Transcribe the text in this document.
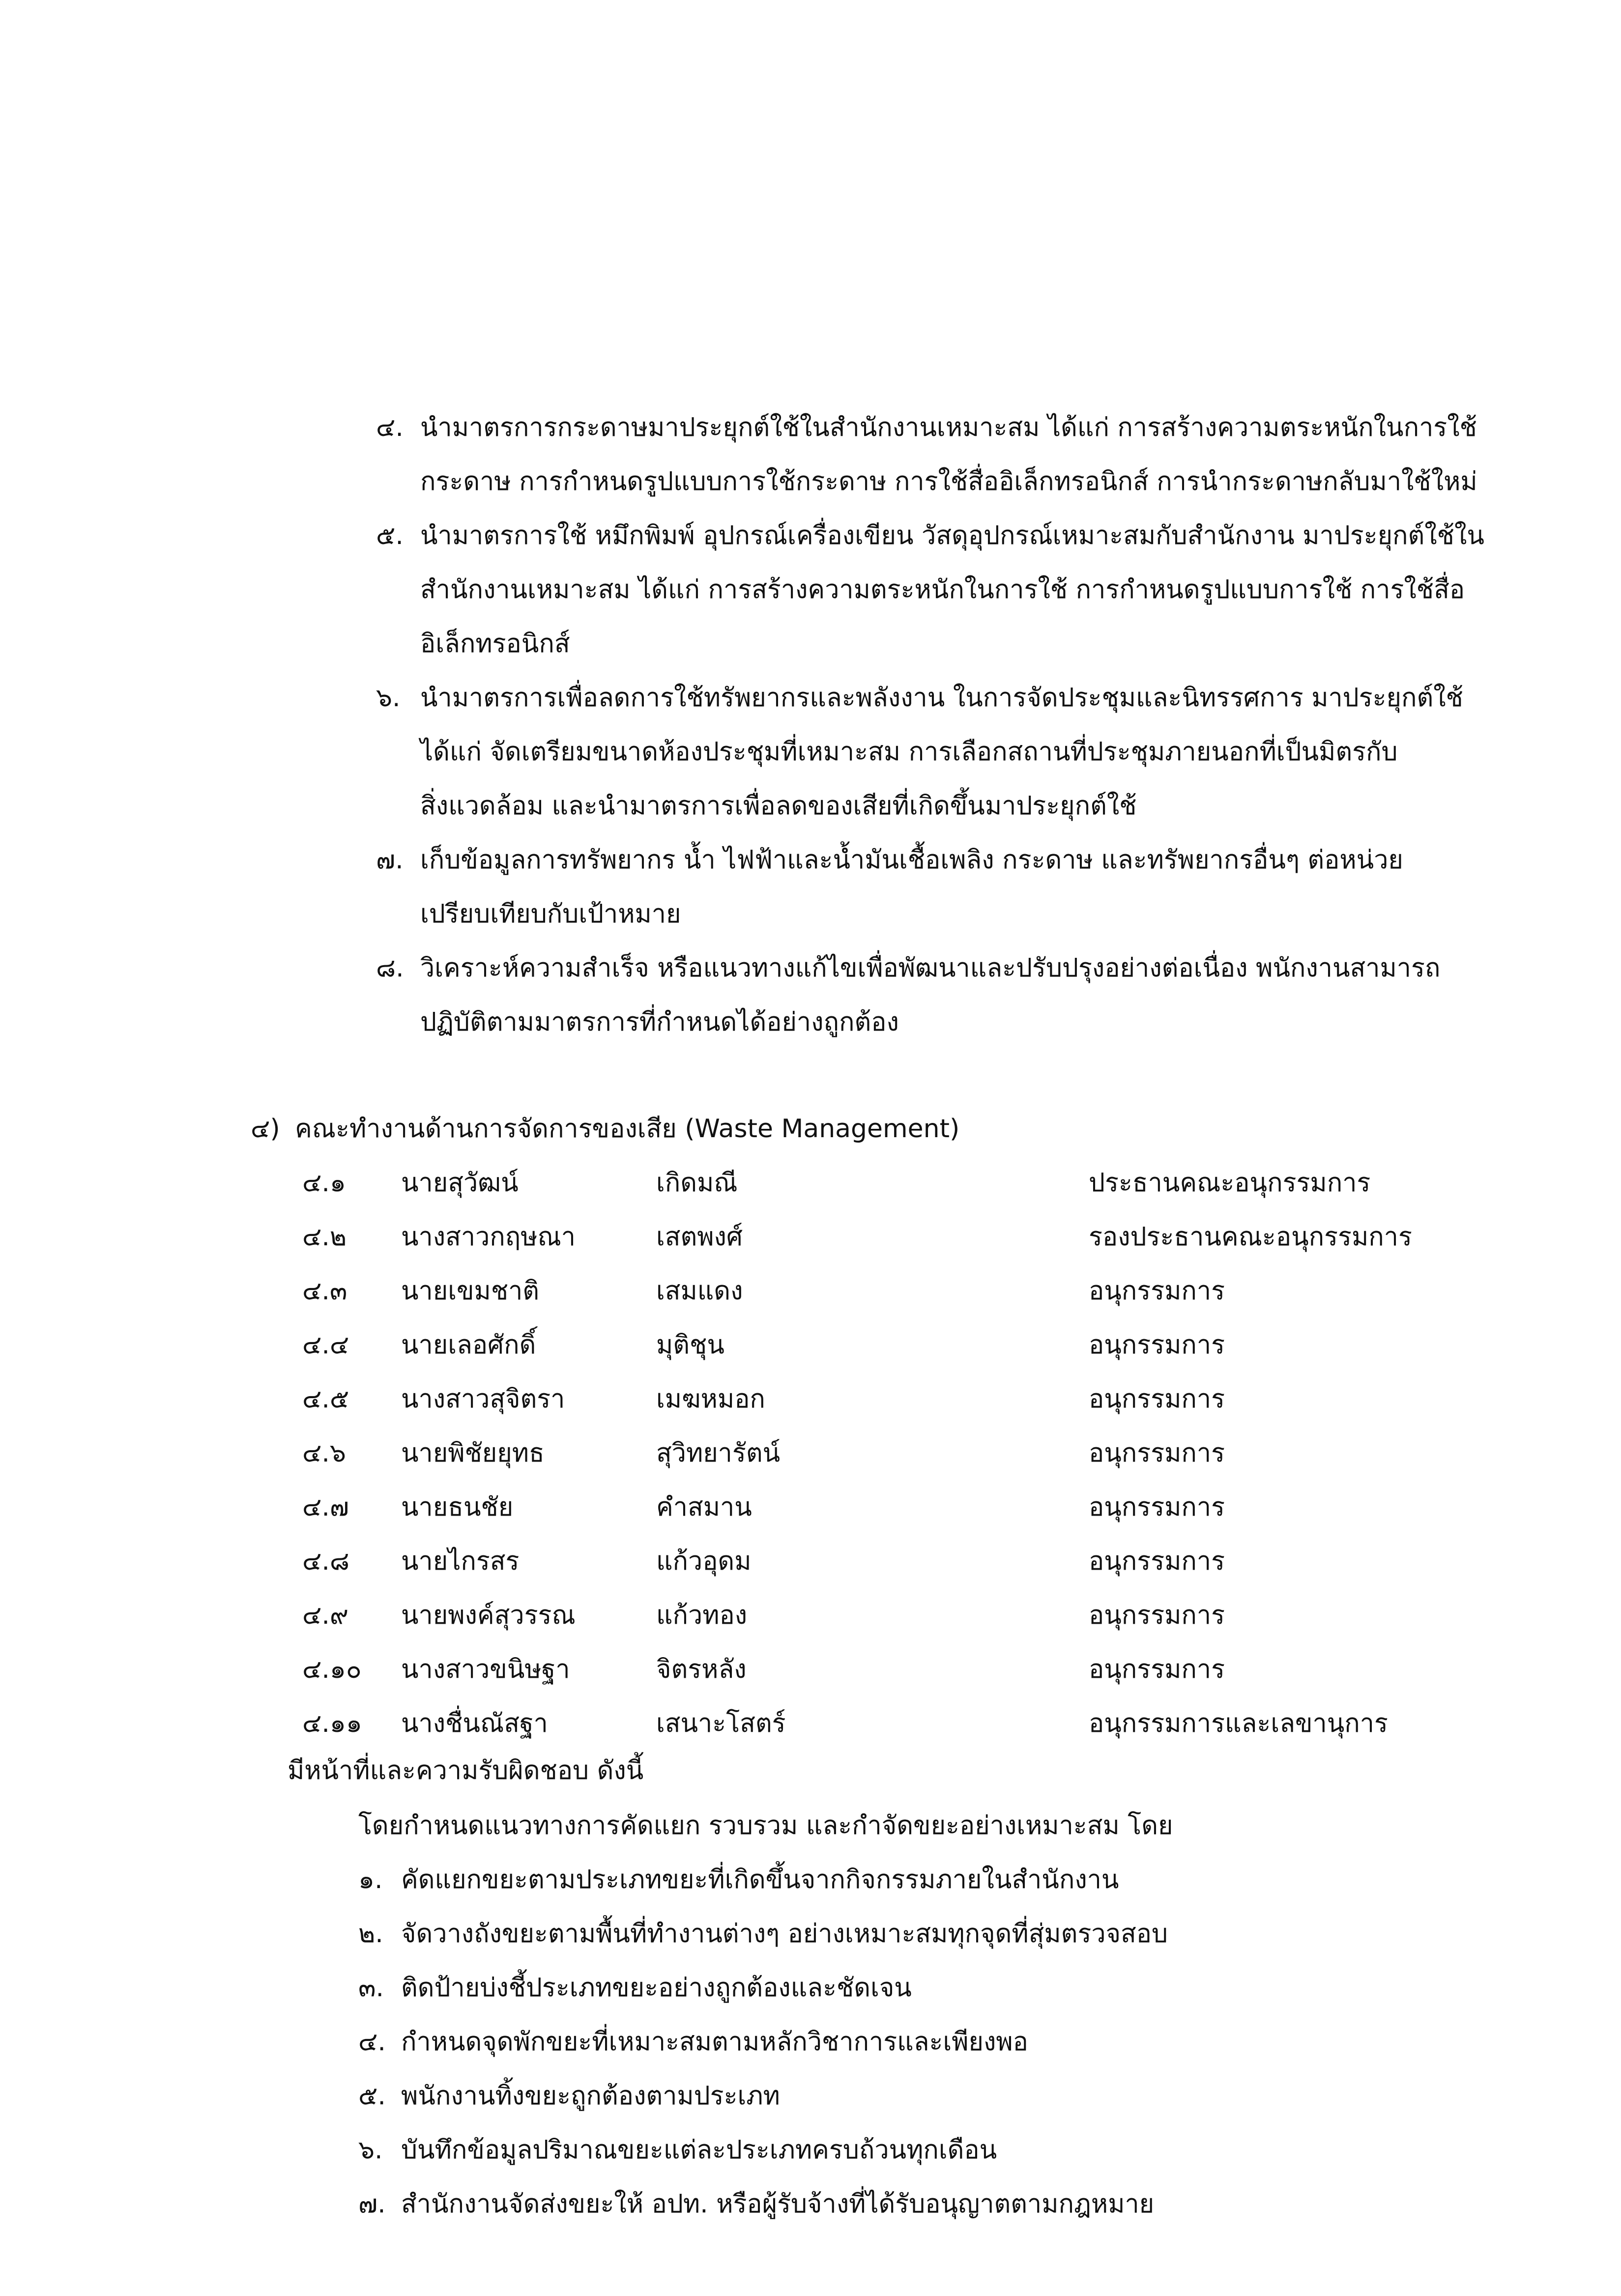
๔. นำมาตรการกระดาษมาประยุกต์ใช้ในสำนักงานเหมาะสม ได้แก่ การสร้างความตระหนักในการใช้
กระดาษ การกำหนดรูปแบบการใช้กระดาษ การใช้สื่ออิเล็กทรอนิกส์ การนำกระดาษกลับมาใช้ใหม่
๕. นำมาตรการใช้ หมึกพิมพ์ อุปกรณ์เครื่องเขียน วัสดุอุปกรณ์เหมาะสมกับสำนักงาน มาประยุกต์ใช้ใน
สำนักงานเหมาะสม ได้แก่ การสร้างความตระหนักในการใช้ การกำหนดรูปแบบการใช้ การใช้สื่อ
อิเล็กทรอนิกส์
๖. นำมาตรการเพื่อลดการใช้ทรัพยากรและพลังงาน ในการจัดประชุมและนิทรรศการ มาประยุกต์ใช้
ได้แก่ จัดเตรียมขนาดห้องประชุมที่เหมาะสม การเลือกสถานที่ประชุมภายนอกที่เป็นมิตรกับ
สิ่งแวดล้อม และนำมาตรการเพื่อลดของเสียที่เกิดขึ้นมาประยุกต์ใช้
๗. เก็บข้อมูลการทรัพยากร น้ำ ไฟฟ้าและน้ำมันเชื้อเพลิง กระดาษ และทรัพยากรอื่นๆ ต่อหน่วย
เปรียบเทียบกับเป้าหมาย
๘. วิเคราะห์ความสำเร็จ หรือแนวทางแก้ไขเพื่อพัฒนาและปรับปรุงอย่างต่อเนื่อง พนักงานสามารถ
ปฏิบัติตามมาตรการที่กำหนดได้อย่างถูกต้อง
๔) คณะทำงานด้านการจัดการของเสีย (Waste Management)
๔.๑ นายสุวัฒน์	เกิดมณี	ประธานคณะอนุกรรมการ
๔.๒ นางสาวกฤษณา	เสตพงศ์	รองประธานคณะอนุกรรมการ
๔.๓ นายเขมชาติ	เสมแดง	อนุกรรมการ
๔.๔ นายเลอศักดิ์	มุติชุน	อนุกรรมการ
๔.๕ นางสาวสุจิตรา	เมฆหมอก	อนุกรรมการ
๔.๖ นายพิชัยยุทธ	สุวิทยารัตน์	อนุกรรมการ
๔.๗ นายธนชัย	คำสมาน	อนุกรรมการ
๔.๘ นายไกรสร	แก้วอุดม	อนุกรรมการ
๔.๙ นายพงค์สุวรรณ	แก้วทอง	อนุกรรมการ
๔.๑๐ นางสาวขนิษฐา	จิตรหลัง	อนุกรรมการ
๔.๑๑ นางชื่นณัสฐา	เสนาะโสตร์	อนุกรรมการและเลขานุการ
มีหน้าที่และความรับผิดชอบ ดังนี้
โดยกำหนดแนวทางการคัดแยก รวบรวม และกำจัดขยะอย่างเหมาะสม โดย
๑. คัดแยกขยะตามประเภทขยะที่เกิดขึ้นจากกิจกรรมภายในสำนักงาน
๒. จัดวางถังขยะตามพื้นที่ทำงานต่างๆ อย่างเหมาะสมทุกจุดที่สุ่มตรวจสอบ
๓. ติดป้ายบ่งชี้ประเภทขยะอย่างถูกต้องและชัดเจน
๔. กำหนดจุดพักขยะที่เหมาะสมตามหลักวิชาการและเพียงพอ
๕. พนักงานทิ้งขยะถูกต้องตามประเภท
๖. บันทึกข้อมูลปริมาณขยะแต่ละประเภทครบถ้วนทุกเดือน
๗. สำนักงานจัดส่งขยะให้ อปท. หรือผู้รับจ้างที่ได้รับอนุญาตตามกฎหมาย
